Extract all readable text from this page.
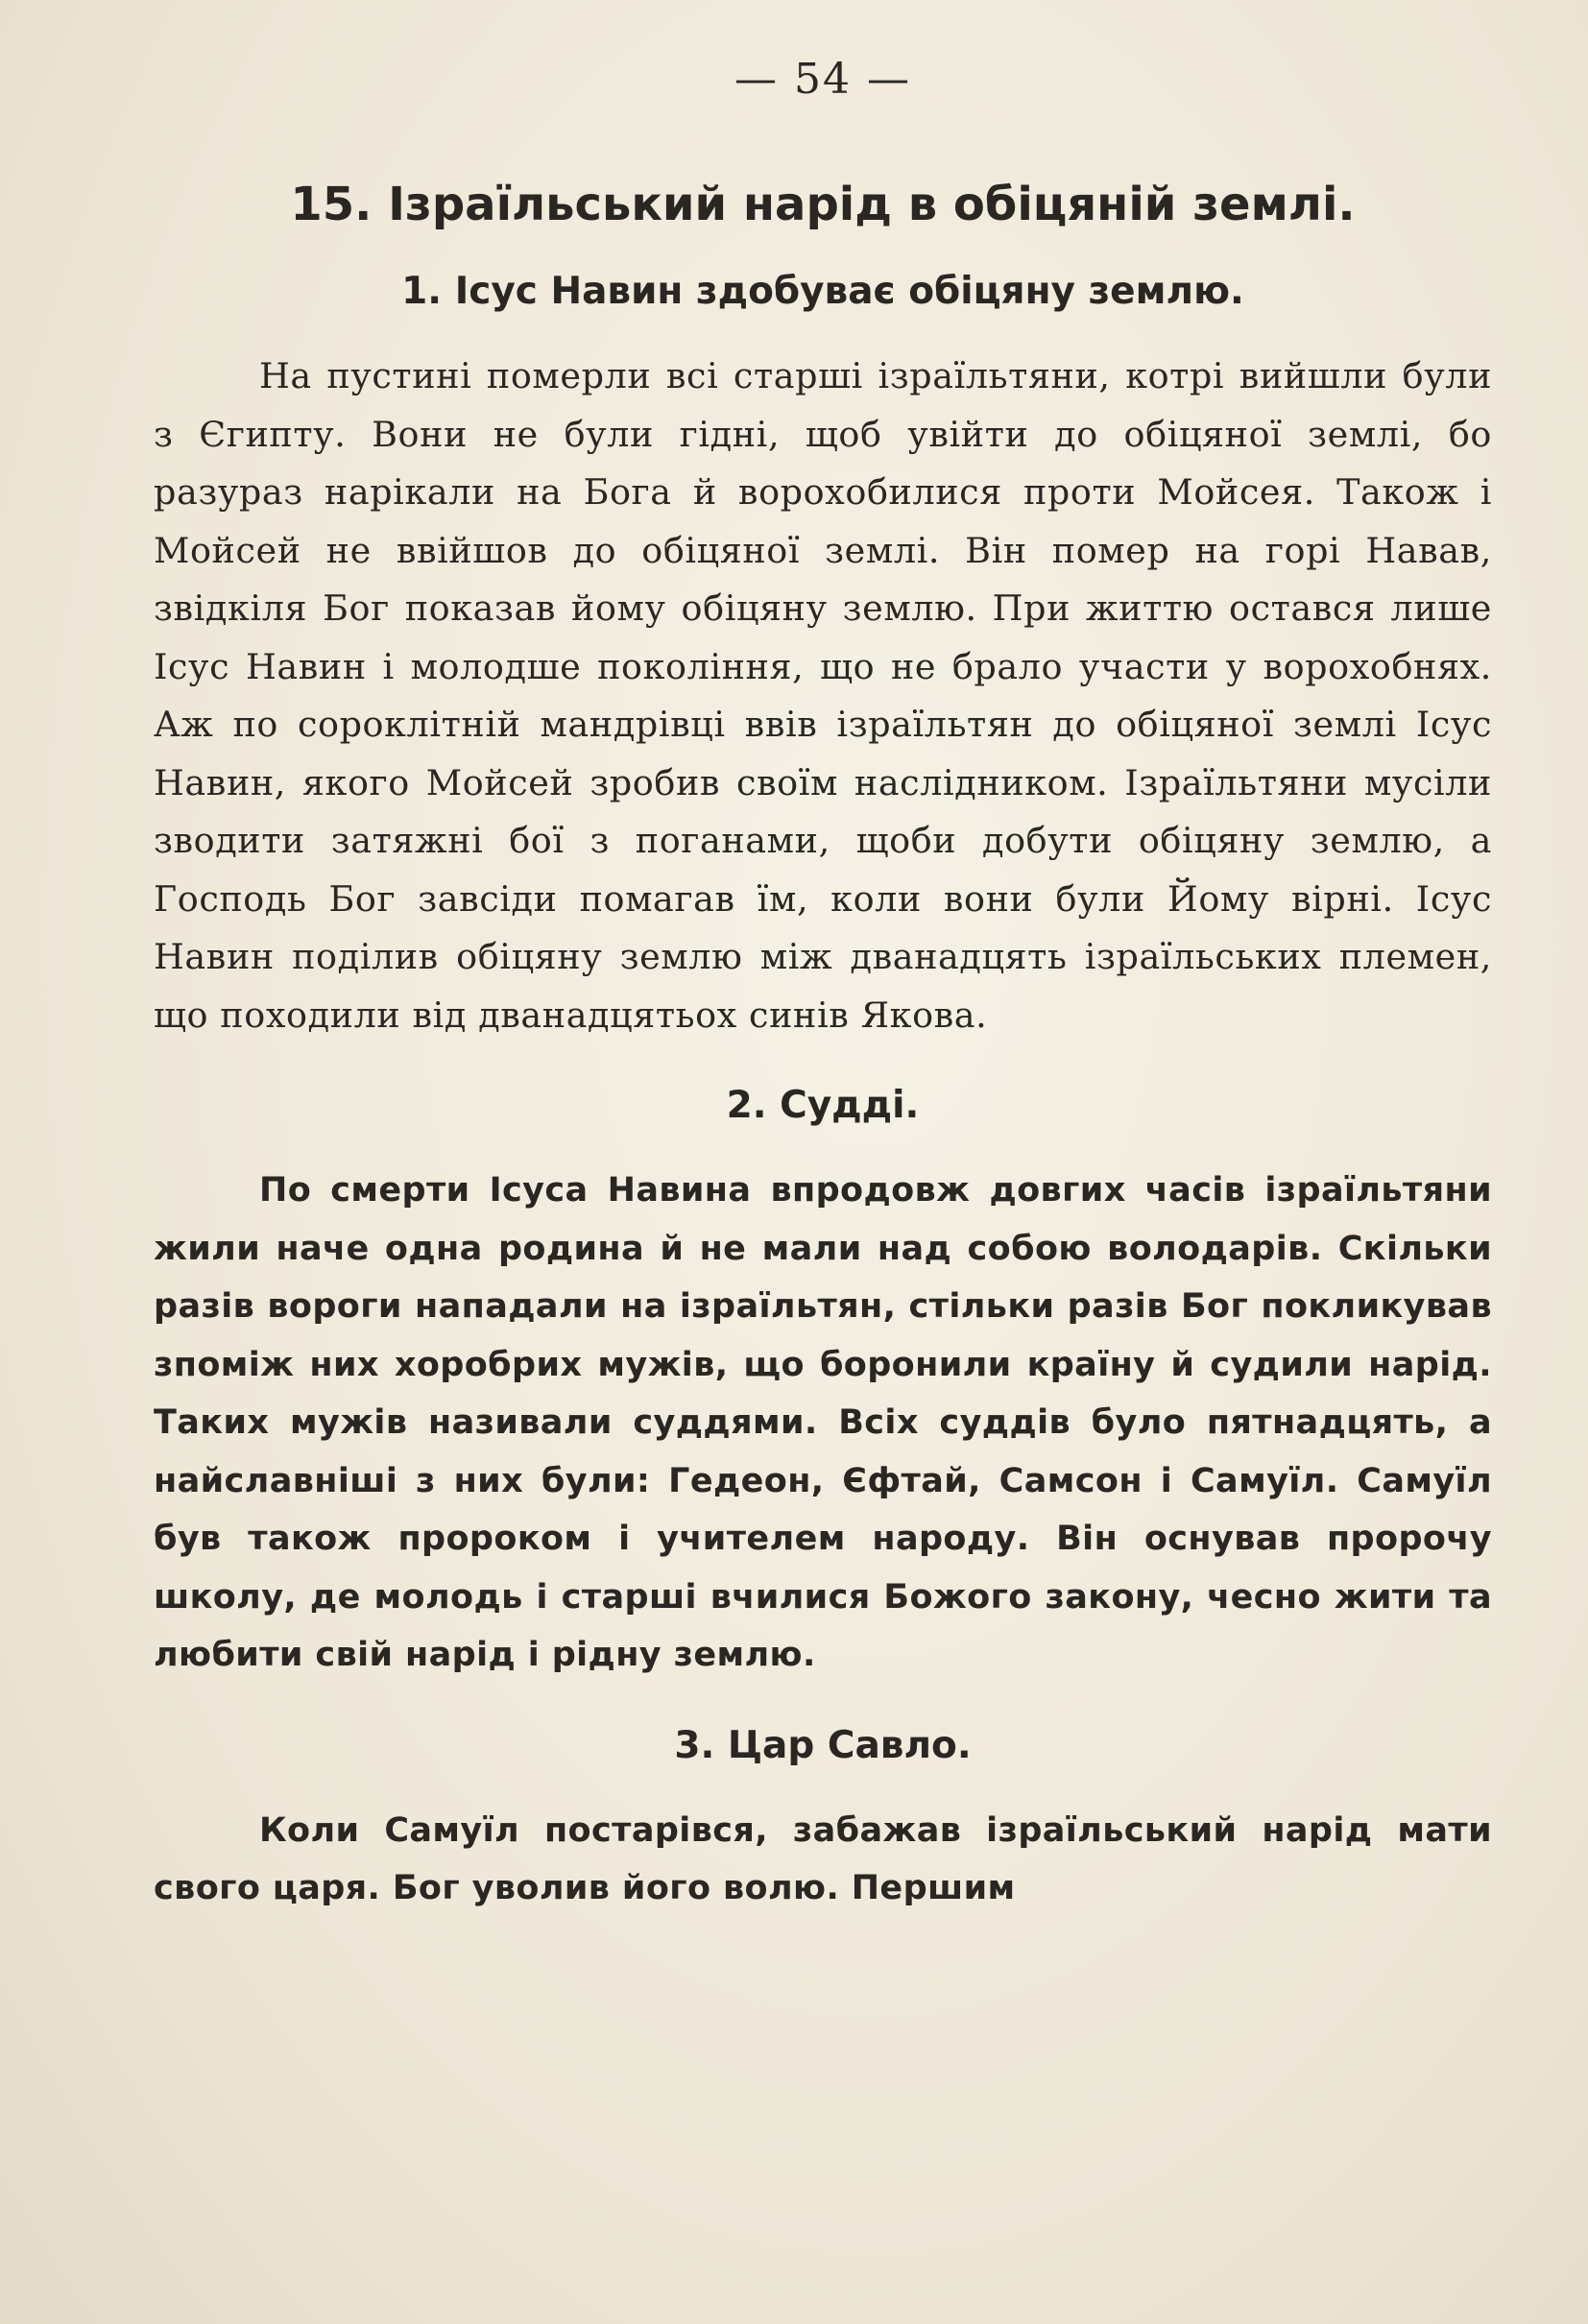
— 54 —
15. Ізраїльський нарід в обіцяній землі.
1. Ісус Навин здобуває обіцяну землю.

На пустині померли всі старші ізраїльтяни, котрі вийшли були з Єгипту. Вони не були гідні, щоб увійти до обіцяної землі, бо разураз нарікали на Бога й ворохобилися проти Мойсея. Також і Мойсей не ввійшов до обіцяної землі. Він помер на горі Навав, звідкіля Бог показав йому обіцяну землю. При життю остався лише Ісус Навин і молодше покоління, що не брало участи у ворохобнях. Аж по сороклітній мандрівці ввів ізраїльтян до обіцяної землі Ісус Навин, якого Мойсей зробив своїм наслідником. Ізраїльтяни мусіли зводити затяжні бої з поганами, щоби добути обіцяну землю, а Господь Бог завсіди помагав їм, коли вони були Йому вірні. Ісус Навин поділив обіцяну землю між дванадцять ізраїльських племен, що походили від дванадцятьох синів Якова.

2. Судді.

По смерти Ісуса Навина впродовж довгих часів ізраїльтяни жили наче одна родина й не мали над собою володарів. Скільки разів вороги нападали на ізраїльтян, стільки разів Бог покликував зпоміж них хоробрих мужів, що боронили країну й судили нарід. Таких мужів називали суддями. Всіх суддів було пятнадцять, а найславніші з них були: Гедеон, Єфтай, Самсон і Самуїл. Самуїл був також пророком і учителем народу. Він оснував пророчу школу, де молодь і старші вчилися Божого закону, чесно жити та любити свій нарід і рідну землю.

3. Цар Савло.

Коли Самуїл постарівся, забажав ізраїльський нарід мати свого царя. Бог уволив його волю. Першим
